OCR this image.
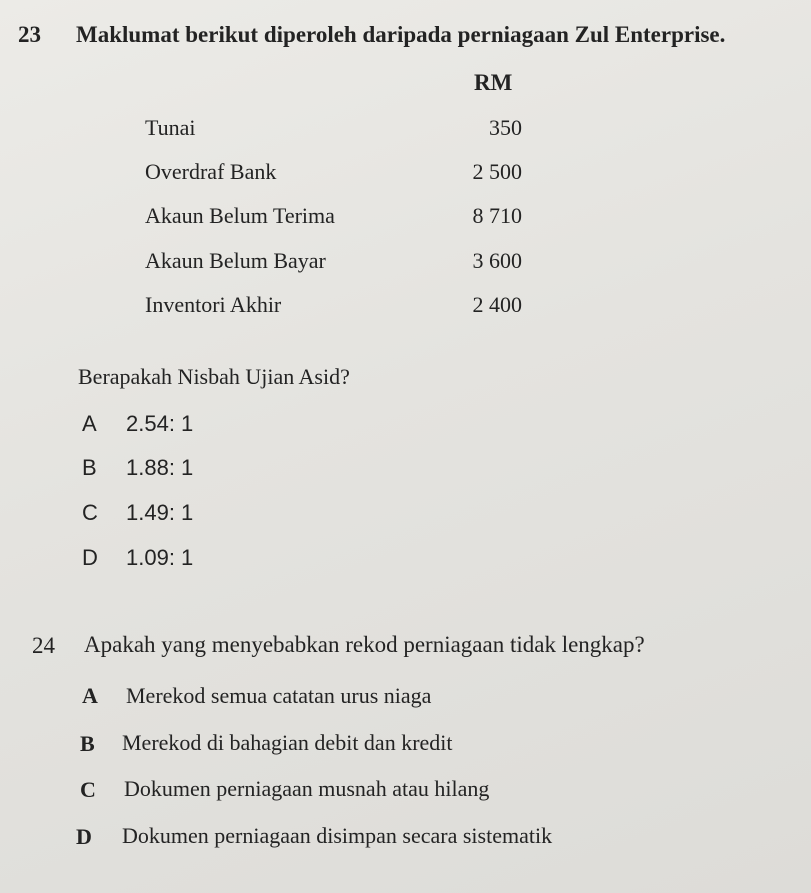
23 Maklumat berikut diperoleh daripada perniagaan Zul Enterprise.
RM
Tunai	350
Overdraf Bank	2 500
Akaun Belum Terima	8 710
Akaun Belum Bayar	3 600
Inventori Akhir	2 400
Berapakah Nisbah Ujian Asid?
A 2.54: 1
B 1.88: 1
C 1.49: 1
D 1.09: 1
24 Apakah yang menyebabkan rekod perniagaan tidak lengkap?
A Merekod semua catatan urus niaga
B Merekod di bahagian debit dan kredit
C Dokumen perniagaan musnah atau hilang
D Dokumen perniagaan disimpan secara sistematik
